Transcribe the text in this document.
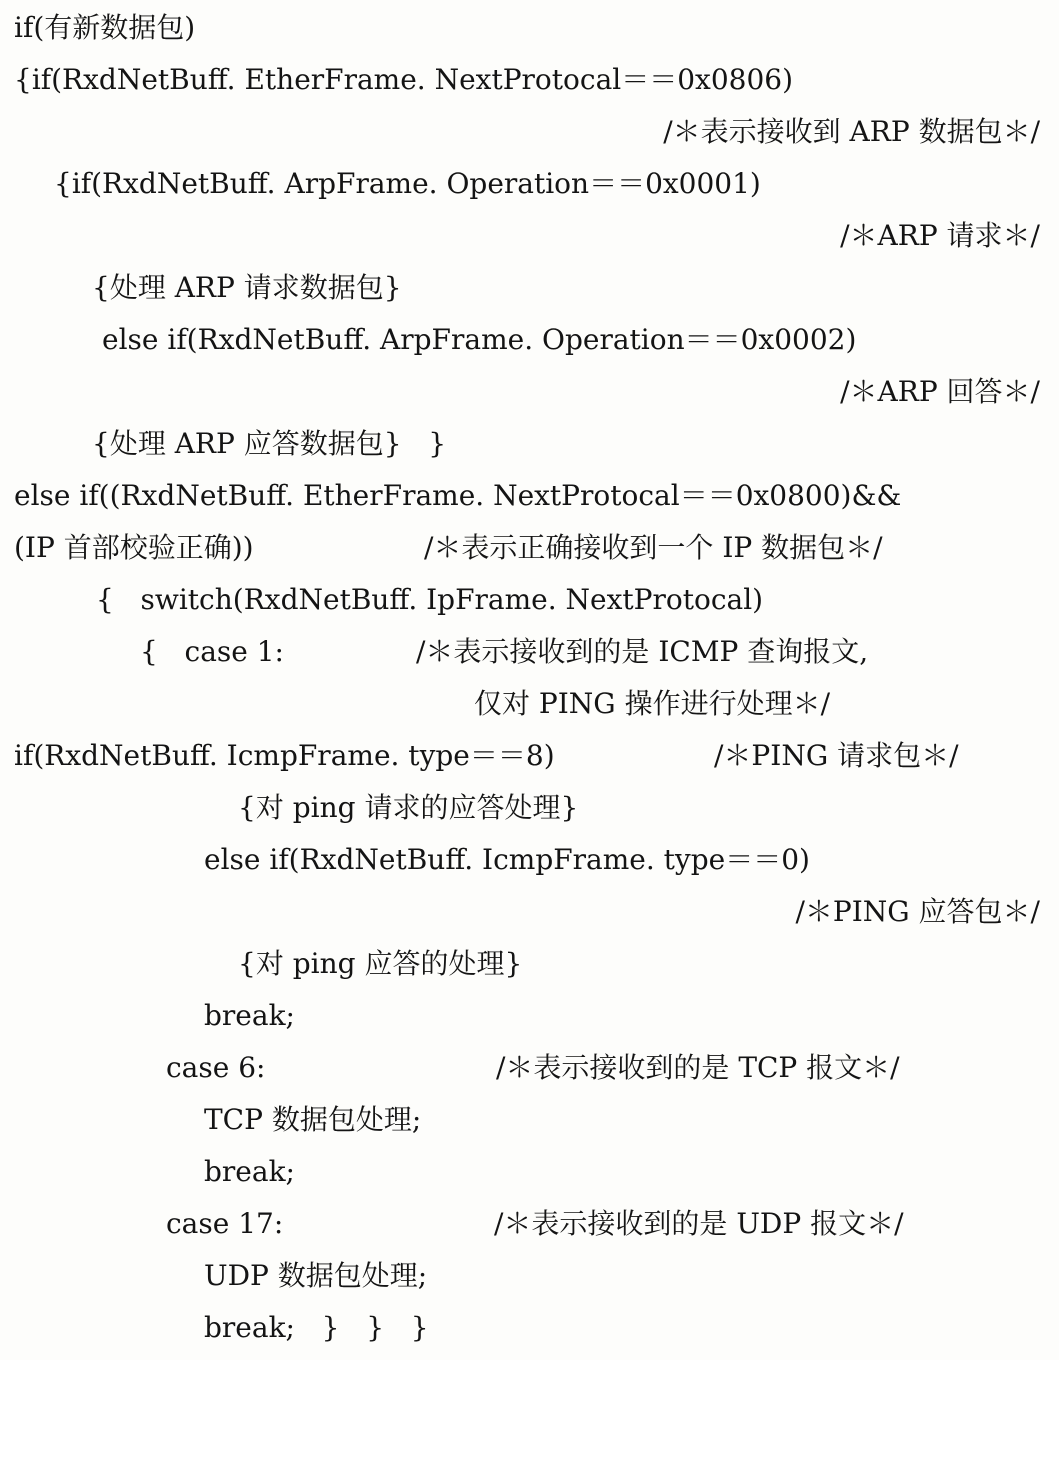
if(有新数据包)

{if(RxdNetBuff. EtherFrame. NextProtocal＝＝0x0806)

/＊表示接收到 ARP 数据包＊/

{if(RxdNetBuff. ArpFrame. Operation＝＝0x0001)

/＊ARP 请求＊/

{处理 ARP 请求数据包}

else if(RxdNetBuff. ArpFrame. Operation＝＝0x0002)

/＊ARP 回答＊/

{处理 ARP 应答数据包}   }

else if((RxdNetBuff. EtherFrame. NextProtocal＝＝0x0800)&&

(IP 首部校验正确))

	/＊表示正确接收到一个 IP 数据包＊/

{   switch(RxdNetBuff. IpFrame. NextProtocal)

{   case 1:

	/＊表示接收到的是 ICMP 查询报文,

仅对 PING 操作进行处理＊/

if(RxdNetBuff. IcmpFrame. type＝＝8)

	/＊PING 请求包＊/

{对 ping 请求的应答处理}

else if(RxdNetBuff. IcmpFrame. type＝＝0)

/＊PING 应答包＊/

{对 ping 应答的处理}

break;

case 6:

	/＊表示接收到的是 TCP 报文＊/

TCP 数据包处理;

break;

case 17:

	/＊表示接收到的是 UDP 报文＊/

UDP 数据包处理;

break;   }   }   }
